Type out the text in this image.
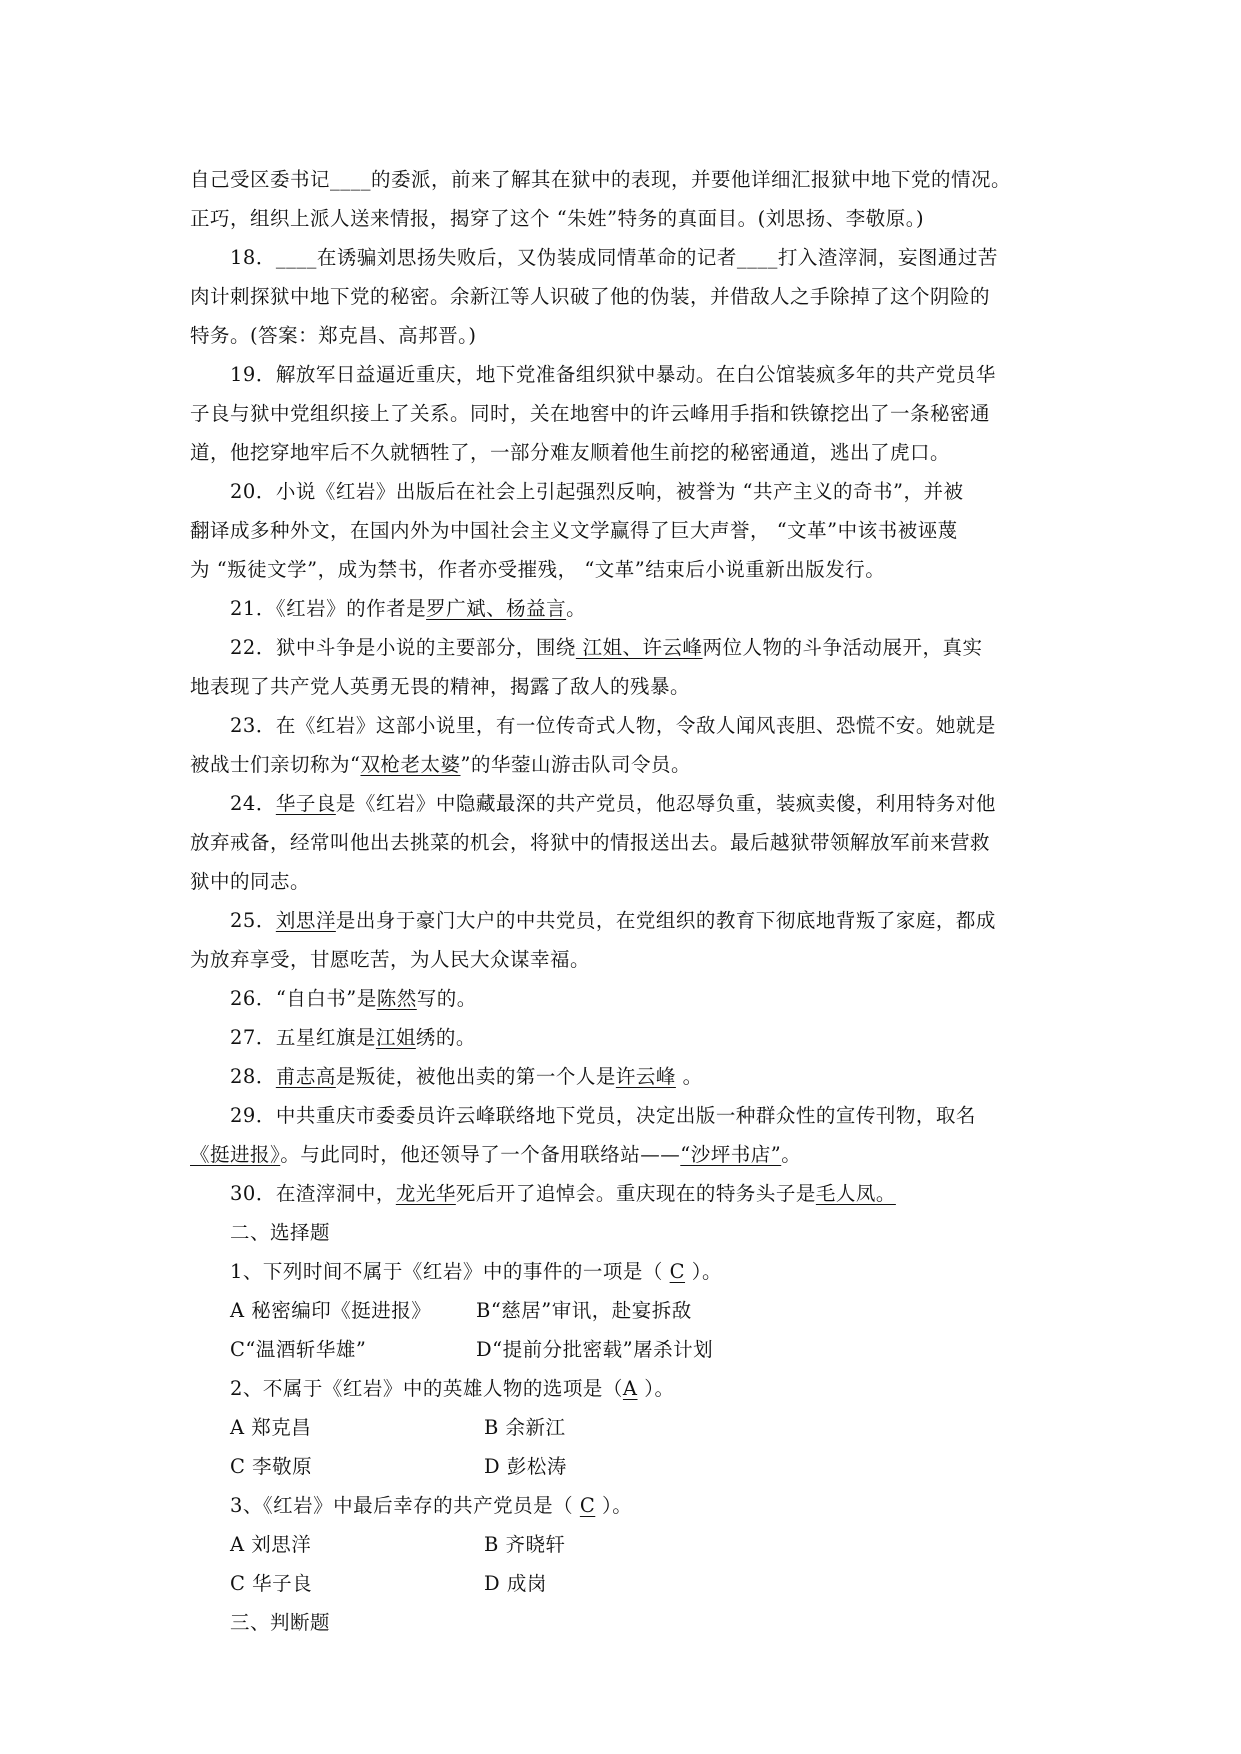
自己受区委书记____的委派，前来了解其在狱中的表现，并要他详细汇报狱中地下党的情况。
正巧，组织上派人送来情报，揭穿了这个 “朱姓”特务的真面目。(刘思扬、李敬原。)
18．____在诱骗刘思扬失败后，又伪装成同情革命的记者____打入渣滓洞，妄图通过苦
肉计刺探狱中地下党的秘密。余新江等人识破了他的伪装，并借敌人之手除掉了这个阴险的
特务。(答案：郑克昌、高邦晋。)
19．解放军日益逼近重庆，地下党准备组织狱中暴动。在白公馆装疯多年的共产党员华
子良与狱中党组织接上了关系。同时，关在地窖中的许云峰用手指和铁镣挖出了一条秘密通
道，他挖穿地牢后不久就牺牲了，一部分难友顺着他生前挖的秘密通道，逃出了虎口。
20．小说《红岩》出版后在社会上引起强烈反响，被誉为 “共产主义的奇书”，并被
翻译成多种外文，在国内外为中国社会主义文学赢得了巨大声誉， “文革”中该书被诬蔑
为 “叛徒文学”，成为禁书，作者亦受摧残， “文革”结束后小说重新出版发行。
21．《红岩》的作者是罗广斌、杨益言。
22．狱中斗争是小说的主要部分，围绕 江姐、许云峰两位人物的斗争活动展开，真实
地表现了共产党人英勇无畏的精神，揭露了敌人的残暴。
23．在《红岩》这部小说里，有一位传奇式人物，令敌人闻风丧胆、恐慌不安。她就是
被战士们亲切称为“双枪老太婆”的华蓥山游击队司令员。
24．华子良是《红岩》中隐藏最深的共产党员，他忍辱负重，装疯卖傻，利用特务对他
放弃戒备，经常叫他出去挑菜的机会，将狱中的情报送出去。最后越狱带领解放军前来营救
狱中的同志。
25．刘思洋是出身于豪门大户的中共党员，在党组织的教育下彻底地背叛了家庭，都成
为放弃享受，甘愿吃苦，为人民大众谋幸福。
26．“自白书”是陈然写的。
27．五星红旗是江姐绣的。
28．甫志高是叛徒，被他出卖的第一个人是许云峰 。
29．中共重庆市委委员许云峰联络地下党员，决定出版一种群众性的宣传刊物，取名
《挺进报》。与此同时，他还领导了一个备用联络站——“沙坪书店”。
30．在渣滓洞中，龙光华死后开了追悼会。重庆现在的特务头子是毛人凤。
二、选择题
1、下列时间不属于《红岩》中的事件的一项是（ C ）。
A 秘密编印《挺进报》 B“慈居”审讯，赴宴拆敌
C“温酒斩华雄”	D“提前分批密载”屠杀计划
2、不属于《红岩》中的英雄人物的选项是（A ）。
A 郑克昌	B 余新江
C 李敬原	D 彭松涛
3、《红岩》中最后幸存的共产党员是（ C ）。
A 刘思洋	B 齐晓轩
C 华子良	D 成岗
三、判断题
